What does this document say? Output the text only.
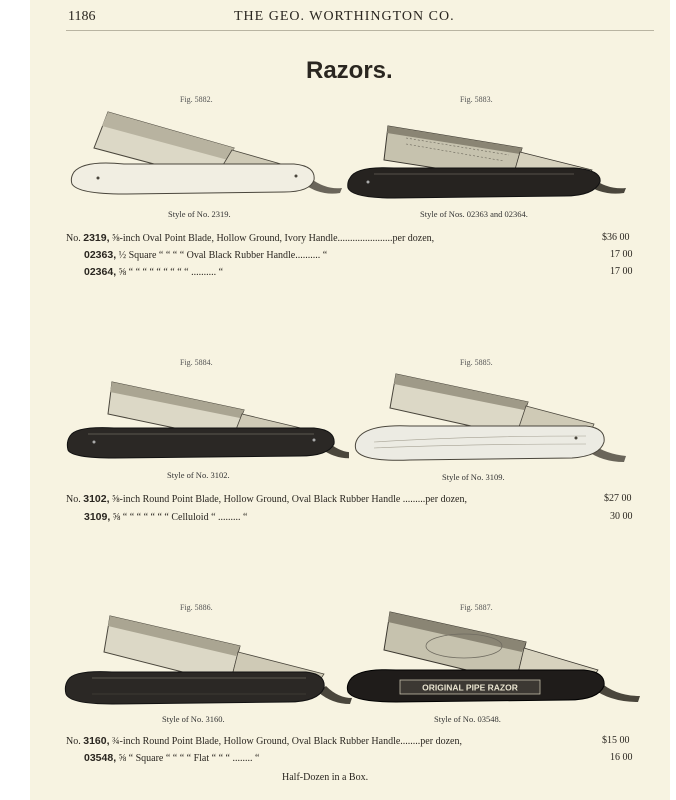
1186	THE GEO. WORTHINGTON CO.
Razors.
Fig. 5882.	Fig. 5883.
Style of No. 2319.	Style of Nos. 02363 and 02364.
Fig. 5884.	Fig. 5885.
Style of No. 3102.	Style of No. 3109.
Fig. 5886.	Fig. 5887.
Style of No. 3160.	Style of No. 03548.
ORIGINAL PIPE RAZOR
No. 2319, ⅝-inch Oval Point Blade, Hollow Ground, Ivory Handle......................per dozen,	$36 00
02363, ½ Square “ “ “ “ Oval Black Rubber Handle.......... “	17 00
02364, ⅝ “ “ “ “ “ “ “ “ “ .......... “	17 00
No. 3102, ⅝-inch Round Point Blade, Hollow Ground, Oval Black Rubber Handle .........per dozen,	$27 00
3109, ⅝ “ “ “ “ “ “ “ Celluloid “ ......... “	30 00
No. 3160, ¾-inch Round Point Blade, Hollow Ground, Oval Black Rubber Handle........per dozen,	$15 00
03548, ⅝ “ Square “ “ “ “ Flat “ “ “ ........ “	16 00
Half-Dozen in a Box.
